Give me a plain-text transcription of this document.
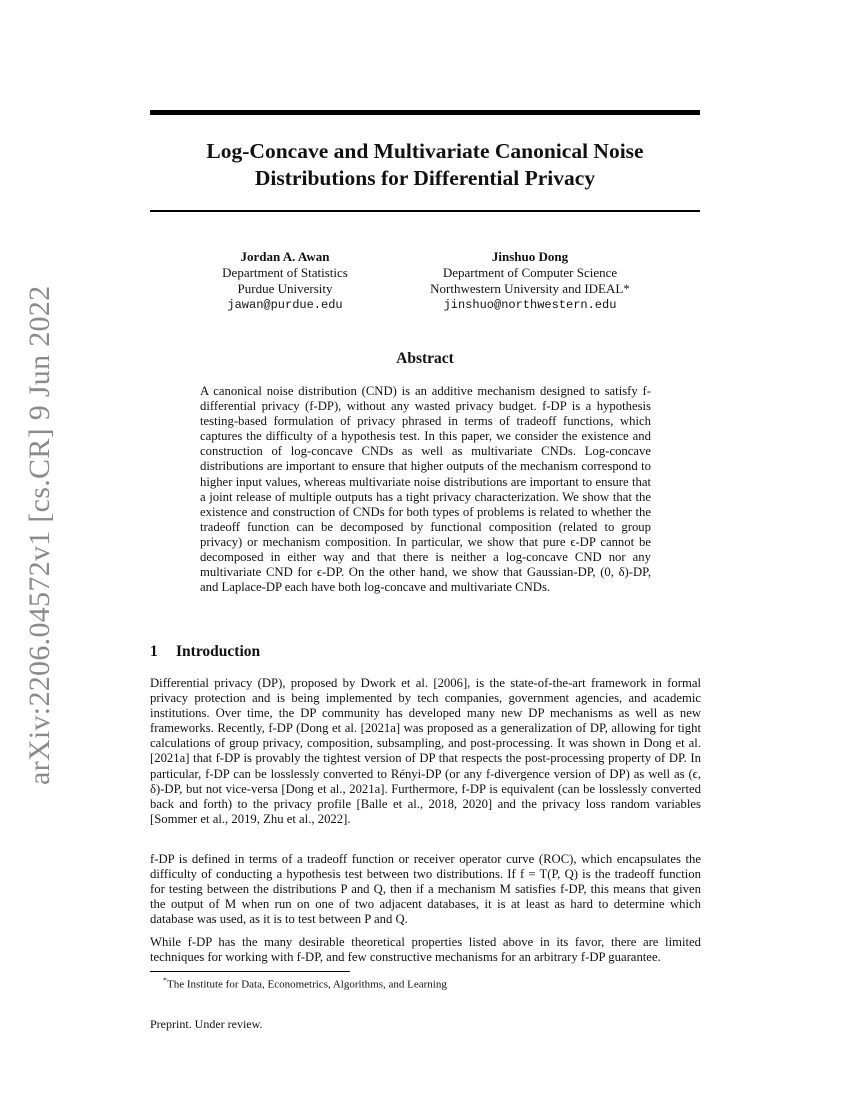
arXiv:2206.04572v1 [cs.CR] 9 Jun 2022
Log-Concave and Multivariate Canonical Noise
Distributions for Differential Privacy
Jordan A. Awan
Department of Statistics
Purdue University
jawan@purdue.edu
Jinshuo Dong
Department of Computer Science
Northwestern University and IDEAL*
jinshuo@northwestern.edu
Abstract

A canonical noise distribution (CND) is an additive mechanism designed to satisfy f-differential privacy (f-DP), without any wasted privacy budget. f-DP is a hypothesis testing-based formulation of privacy phrased in terms of tradeoff functions, which captures the difficulty of a hypothesis test. In this paper, we consider the existence and construction of log-concave CNDs as well as multivariate CNDs. Log-concave distributions are important to ensure that higher outputs of the mechanism correspond to higher input values, whereas multivariate noise distributions are important to ensure that a joint release of multiple outputs has a tight privacy characterization. We show that the existence and construction of CNDs for both types of problems is related to whether the tradeoff function can be decomposed by functional composition (related to group privacy) or mechanism composition. In particular, we show that pure ϵ-DP cannot be decomposed in either way and that there is neither a log-concave CND nor any multivariate CND for ϵ-DP. On the other hand, we show that Gaussian-DP, (0, δ)-DP, and Laplace-DP each have both log-concave and multivariate CNDs.

1 Introduction

Differential privacy (DP), proposed by Dwork et al. [2006], is the state-of-the-art framework in formal privacy protection and is being implemented by tech companies, government agencies, and academic institutions. Over time, the DP community has developed many new DP mechanisms as well as new frameworks. Recently, f-DP (Dong et al. [2021a] was proposed as a generalization of DP, allowing for tight calculations of group privacy, composition, subsampling, and post-processing. It was shown in Dong et al. [2021a] that f-DP is provably the tightest version of DP that respects the post-processing property of DP. In particular, f-DP can be losslessly converted to Rényi-DP (or any f-divergence version of DP) as well as (ϵ, δ)-DP, but not vice-versa [Dong et al., 2021a]. Furthermore, f-DP is equivalent (can be losslessly converted back and forth) to the privacy profile [Balle et al., 2018, 2020] and the privacy loss random variables [Sommer et al., 2019, Zhu et al., 2022].

f-DP is defined in terms of a tradeoff function or receiver operator curve (ROC), which encapsulates the difficulty of conducting a hypothesis test between two distributions. If f = T(P, Q) is the tradeoff function for testing between the distributions P and Q, then if a mechanism M satisfies f-DP, this means that given the output of M when run on one of two adjacent databases, it is at least as hard to determine which database was used, as it is to test between P and Q.

While f-DP has the many desirable theoretical properties listed above in its favor, there are limited techniques for working with f-DP, and few constructive mechanisms for an arbitrary f-DP guarantee.

*The Institute for Data, Econometrics, Algorithms, and Learning

Preprint. Under review.
